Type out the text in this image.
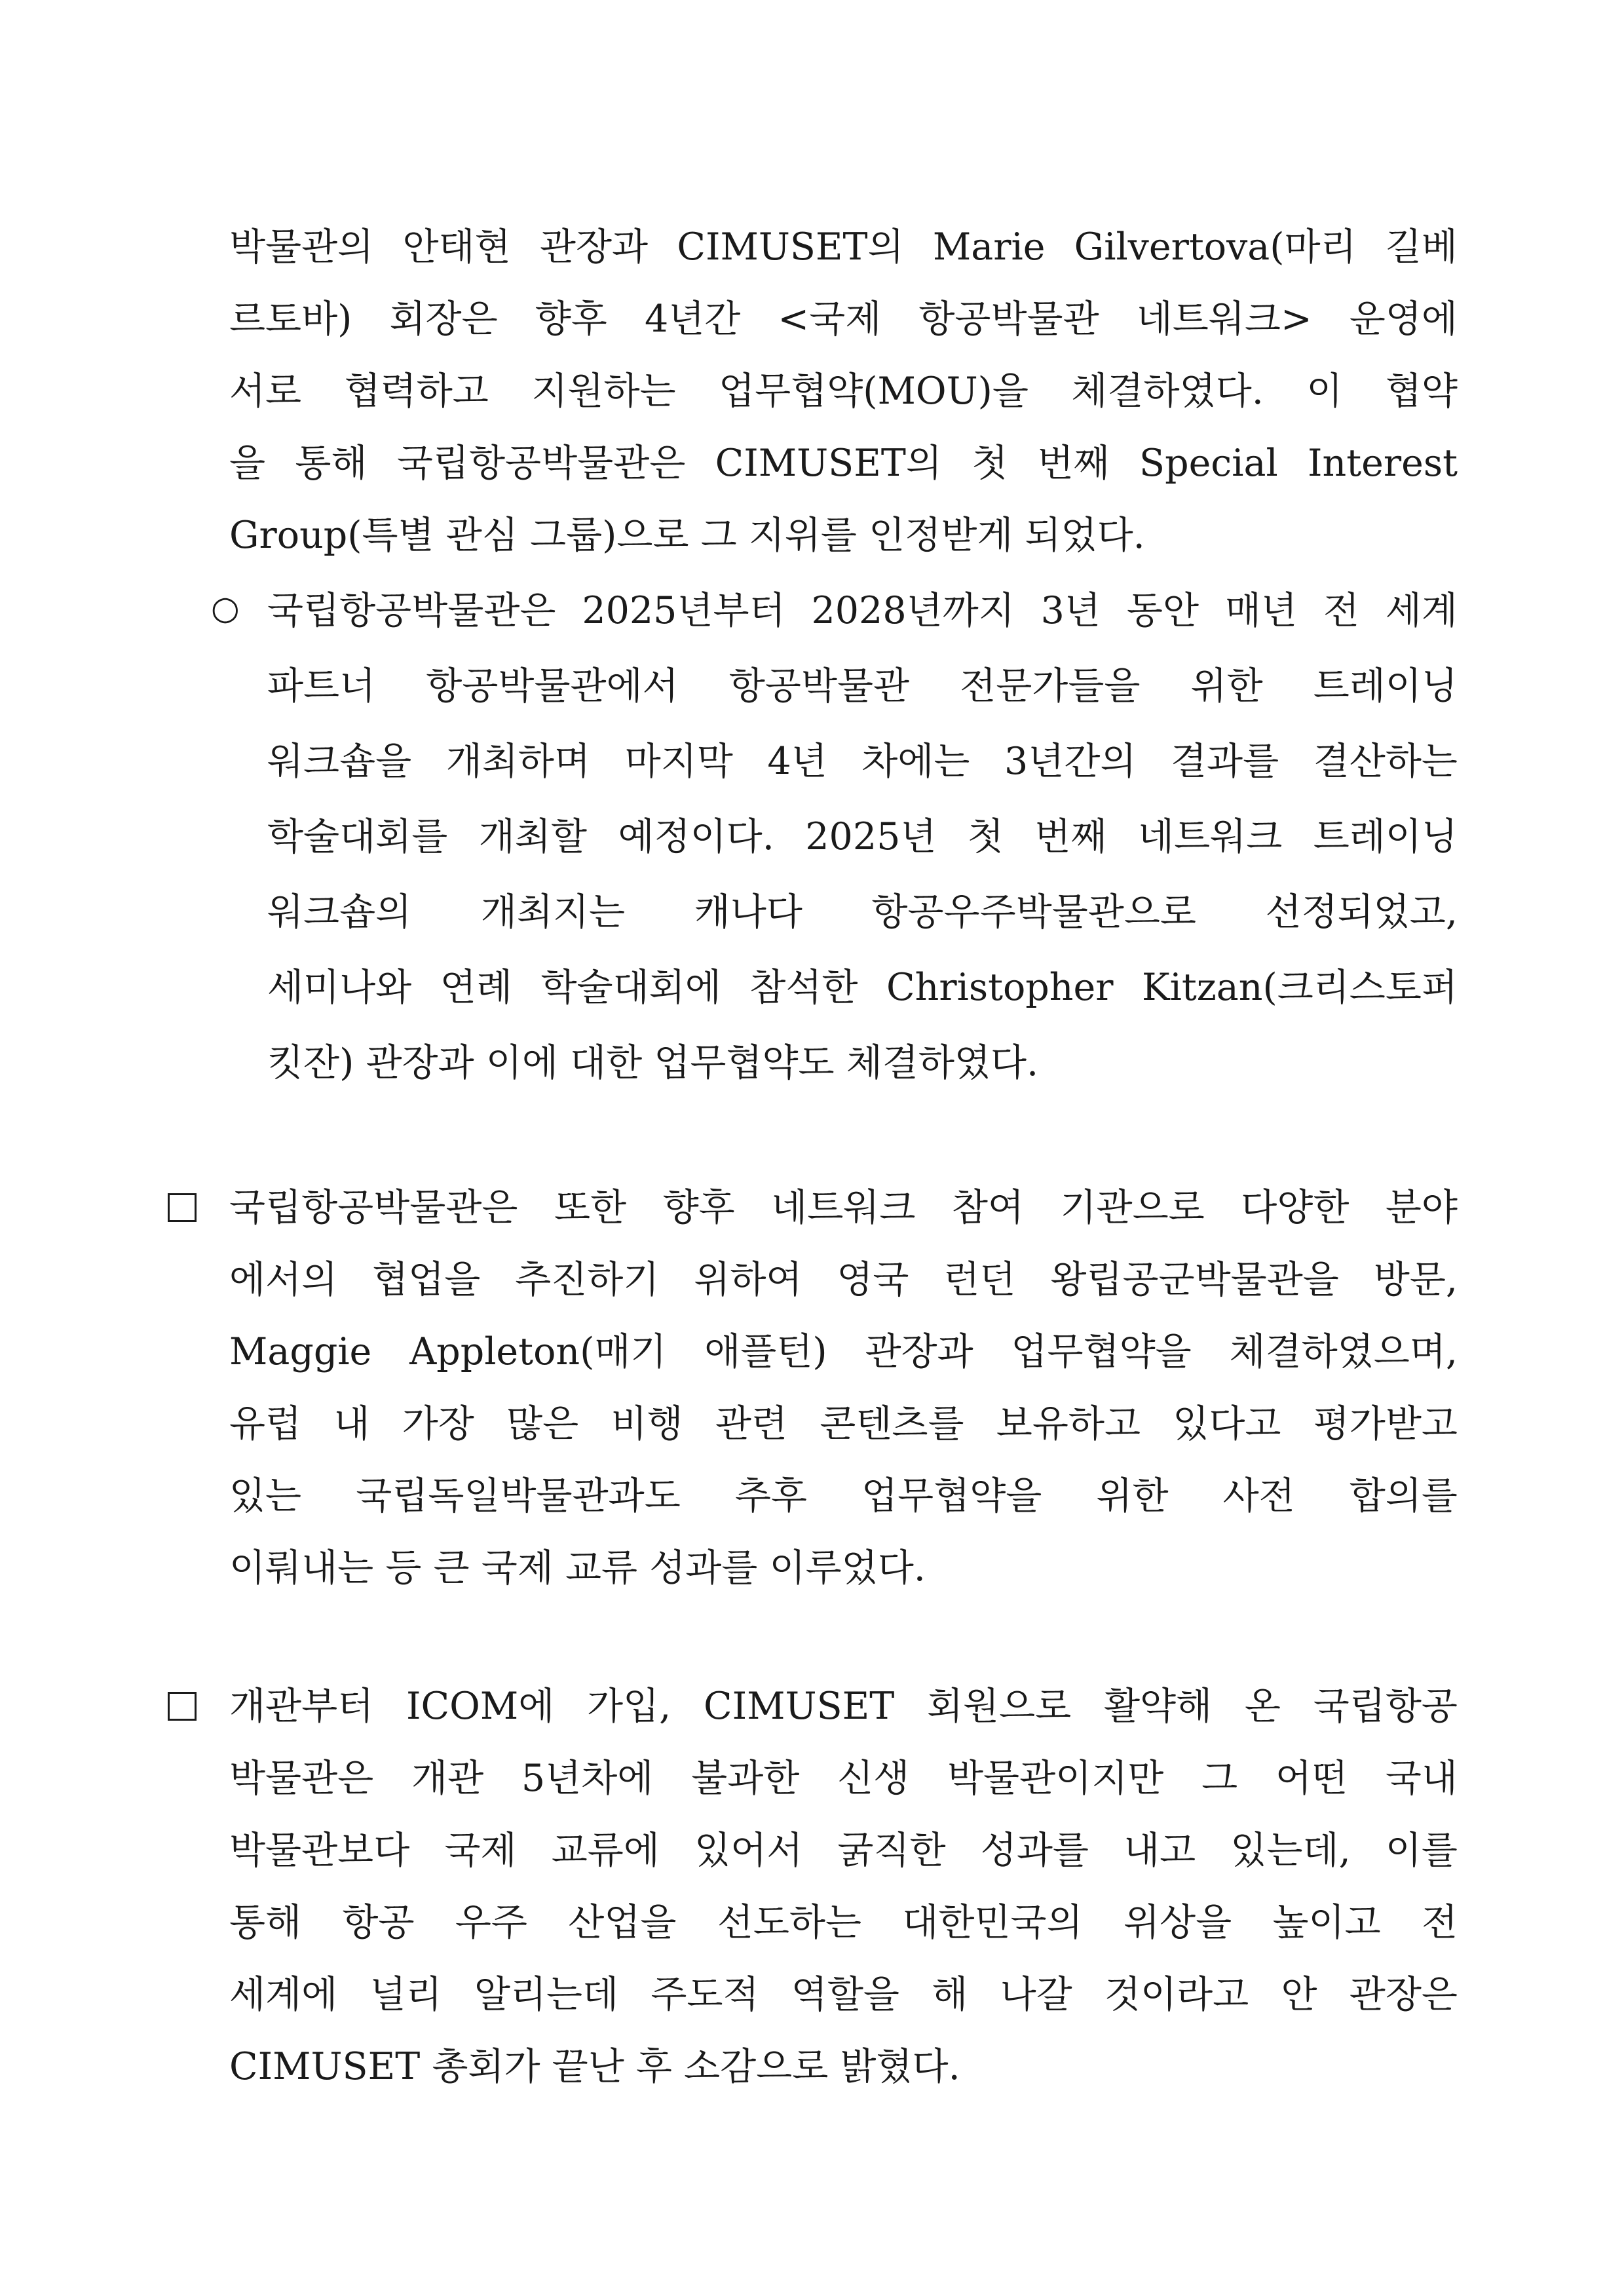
박물관의 안태현 관장과 CIMUSET의 Marie Gilvertova(마리 길베
르토바) 회장은 향후 4년간 <국제 항공박물관 네트워크> 운영에
서로 협력하고 지원하는 업무협약(MOU)을 체결하였다. 이 협약
을 통해 국립항공박물관은 CIMUSET의 첫 번째 Special Interest
Group(특별 관심 그룹)으로 그 지위를 인정받게 되었다.
○ 국립항공박물관은 2025년부터 2028년까지 3년 동안 매년 전 세계
파트너 항공박물관에서 항공박물관 전문가들을 위한 트레이닝
워크숍을 개최하며 마지막 4년 차에는 3년간의 결과를 결산하는
학술대회를 개최할 예정이다. 2025년 첫 번째 네트워크 트레이닝
워크숍의 개최지는 캐나다 항공우주박물관으로 선정되었고,
세미나와 연례 학술대회에 참석한 Christopher Kitzan(크리스토퍼
킷잔) 관장과 이에 대한 업무협약도 체결하였다.
국립항공박물관은 또한 향후 네트워크 참여 기관으로 다양한 분야
에서의 협업을 추진하기 위하여 영국 런던 왕립공군박물관을 방문,
Maggie Appleton(매기 애플턴) 관장과 업무협약을 체결하였으며,
유럽 내 가장 많은 비행 관련 콘텐츠를 보유하고 있다고 평가받고
있는 국립독일박물관과도 추후 업무협약을 위한 사전 합의를
이뤄내는 등 큰 국제 교류 성과를 이루었다.
개관부터 ICOM에 가입, CIMUSET 회원으로 활약해 온 국립항공
박물관은 개관 5년차에 불과한 신생 박물관이지만 그 어떤 국내
박물관보다 국제 교류에 있어서 굵직한 성과를 내고 있는데, 이를
통해 항공 우주 산업을 선도하는 대한민국의 위상을 높이고 전
세계에 널리 알리는데 주도적 역할을 해 나갈 것이라고 안 관장은
CIMUSET 총회가 끝난 후 소감으로 밝혔다.
